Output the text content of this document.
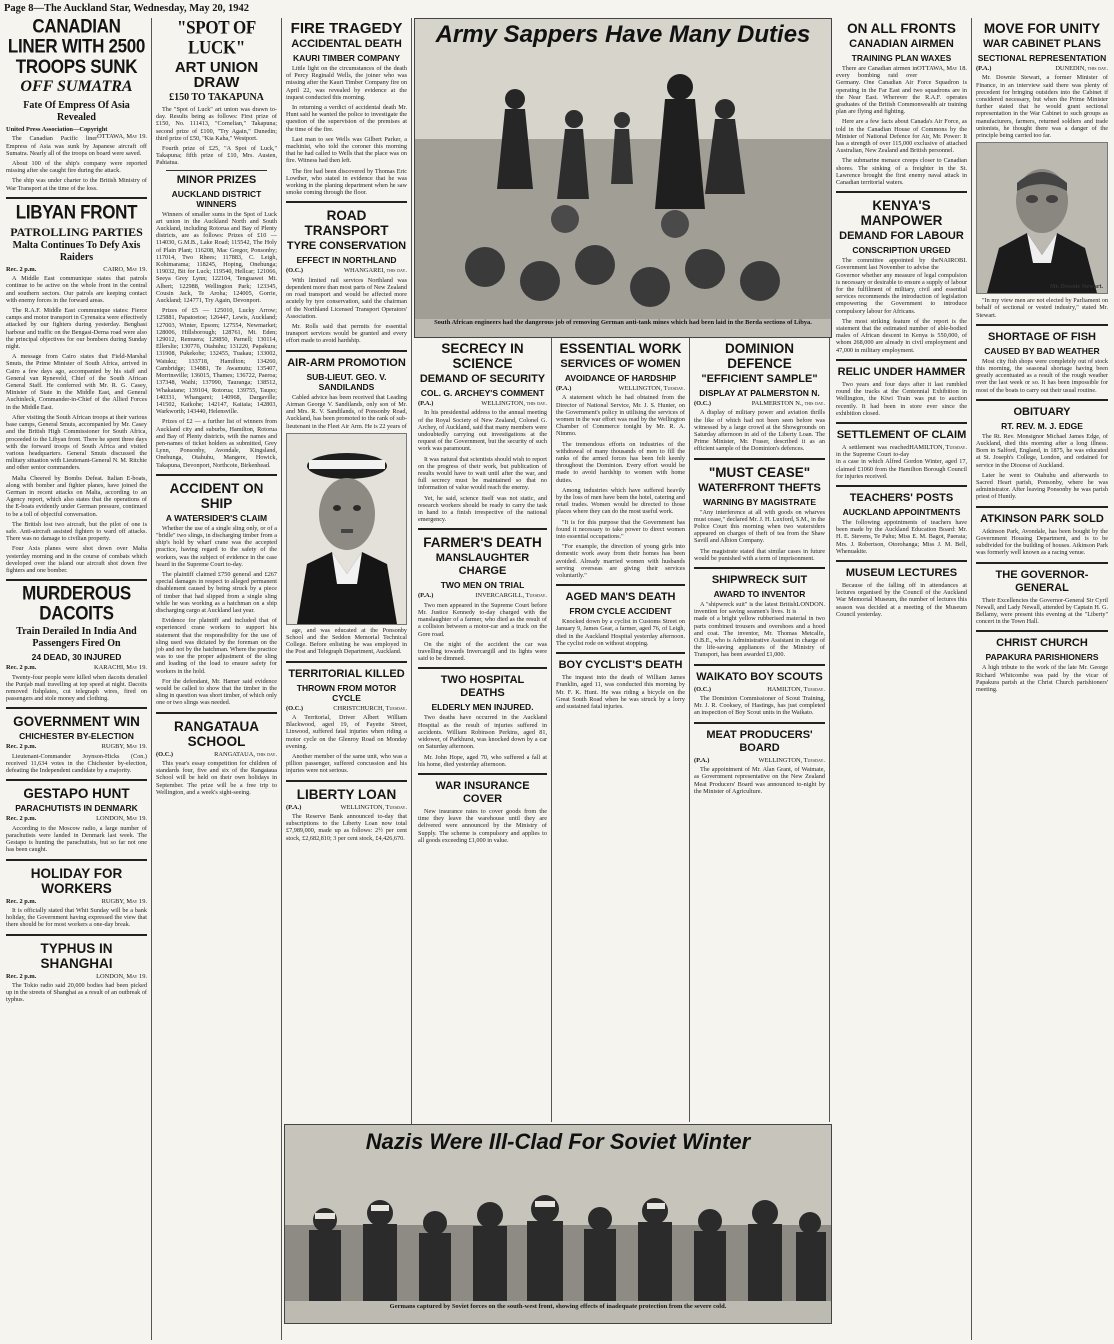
Page 8—The Auckland Star, Wednesday, May 20, 1942
CANADIAN LINER WITH 2500 TROOPS SUNK
OFF SUMATRA
Fate Of Empress Of Asia Revealed
United Press Association—Copyright
OTTAWA, May 19.
The Canadian Pacific liner Empress of Asia was sunk by Japanese aircraft off Sumatra. Nearly all of the troops on board were saved.
About 100 of the ship's company were reported missing after she caught fire during the attack.
The ship was under charter to the British Ministry of War Transport at the time of the loss.
LIBYAN FRONT
PATROLLING PARTIES
Malta Continues To Defy Axis Raiders
Rec. 2 p.m.	CAIRO, May 19.
A Middle East communique states that patrols continue to be active on the whole front in the central and southern sectors. Our patrols are keeping contact with enemy forces in the forward areas.
The R.A.F. Middle East communique states: Fierce camps and motor transport in Cyrenaica were effectively attacked by our fighters during yesterday. Benghasi harbour and traffic on the Bengasi-Derna road were also the principal objectives for our bombers during Sunday night.
A message from Cairo states that Field-Marshal Smuts, the Prime Minister of South Africa, arrived in Cairo a few days ago, accompanied by his staff and General van Ryneveld, Chief of the South African General Staff. He conferred with Mr. R. G. Casey, Minister of State in the Middle East, and General Auchinleck, Commander-in-Chief of the Allied Forces in the Middle East.
After visiting the South African troops at their various base camps, General Smuts, accompanied by Mr. Casey and the British High Commissioner for South Africa, proceeded to the Libyan front. There he spent three days with the forward troops of South Africa and visited various headquarters. General Smuts discussed the military situation with Lieutenant-General N. M. Ritchie and other senior commanders.
Malta Cheered by Bombs Defeat. Italian E-boats, along with bomber and fighter planes, have joined the German in recent attacks on Malta, according to an Agency report, which also states that the operations of the E-boats evidently under German pressure, continued to be a toll of objectful conversation.
The British lost two aircraft, but the pilot of one is safe. Anti-aircraft assisted fighters to ward off attacks. There was no damage to civilian property.
Four Axis planes were shot down over Malta yesterday morning and in the course of combats which developed over the island our aircraft shot down five fighters and one bomber.
MURDEROUS DACOITS
Train Derailed In India And Passengers Fired On
24 DEAD, 30 INJURED
Rec. 2 p.m.	KARACHI, May 19.
Twenty-four people were killed when dacoits derailed the Punjab mail travelling at top speed at night. Dacoits removed fishplates, cut telegraph wires, fired on passengers and stole money and clothing.
GOVERNMENT WIN
CHICHESTER BY-ELECTION
Rec. 2 p.m.	RUGBY, May 19.
Lieutenant-Commander Joynson-Hicks (Con.) received 11,634 votes in the Chichester by-election, defeating the Independent candidate by a majority.
GESTAPO HUNT
PARACHUTISTS IN DENMARK
Rec. 2 p.m.	LONDON, May 19.
According to the Moscow radio, a large number of parachutists were landed in Denmark last week. The Gestapo is hunting the parachutists, but so far not one has been caught.
HOLIDAY FOR WORKERS
Rec. 2 p.m.	RUGBY, May 19.
It is officially stated that Whit Sunday will be a bank holiday, the Government having expressed the view that there should be for most workers a one-day break.
TYPHUS IN SHANGHAI
Rec. 2 p.m.	LONDON, May 19.
The Tokio radio said 20,000 bodies had been picked up in the streets of Shanghai as a result of an outbreak of typhus.
"SPOT OF LUCK"
ART UNION DRAW
£150 TO TAKAPUNA
The "Spot of Luck" art union was drawn to-day. Results being as follows: First prize of £150, No. 111413, "Cornelian," Takapuna; second prize of £100, "Try Again," Dunedin; third prize of £50, "Kia Kaha," Westport.
Fourth prize of £25, "A Spot of Luck," Takapuna; fifth prize of £10, Mrs. Austen, Pahiatua.
MINOR PRIZES
AUCKLAND DISTRICT WINNERS
Winners of smaller sums in the Spot of Luck art union in the Auckland North and South Auckland, including Rotorua and Bay of Plenty districts, are as follows: Prizes of £10 — 114030, G.M.B., Lake Road; 115542, The Holy of Plain Plant; 116208, Mac Gregor, Ponsonby; 117014, Two Rhees; 117883, C. Leigh, Kohimarama; 118245, Hoping, Onehunga; 119032, Bit for Luck; 119540, Hellcar; 121066, Seeya Grey Lynn; 122104, Tenguawei Mt. Albert; 122988, Wellington Park; 123345, Cousin Jack, Te Aroha; 124005, Gorrie, Auckland; 124771, Try Again, Devonport.
Prizes of £5 — 125010, Lucky Arrow; 125881, Papatoetoe; 126447, Lewis, Auckland; 127003, Winter, Epsom; 127554, Newmarket; 128006, Hillsborough; 128761, Mt. Eden; 129012, Remuera; 129850, Parnell; 130114, Ellerslie; 130776, Otahuhu; 131220, Papakura; 131908, Pukekohe; 132455, Tuakau; 133002, Waiuku; 133718, Hamilton; 134260, Cambridge; 134881, Te Awamutu; 135407, Morrinsville; 136015, Thames; 136722, Paeroa; 137348, Waihi; 137990, Tauranga; 138512, Whakatane; 139104, Rotorua; 139755, Taupo; 140331, Whangarei; 140968, Dargaville; 141502, Kaikohe; 142147, Kaitaia; 142803, Warkworth; 143440, Helensville.
Prizes of £2 — a further list of winners from Auckland city and suburbs, Hamilton, Rotorua and Bay of Plenty districts, with the names and pen-names of ticket holders as submitted, Grey Lynn, Ponsonby, Avondale, Kingsland, Onehunga, Otahuhu, Mangere, Howick, Takapuna, Devonport, Northcote, Birkenhead.
ACCIDENT ON SHIP
A WATERSIDER'S CLAIM
Whether the use of a single sling only, or of a "bridle" two slings, in discharging timber from a ship's hold by wharf crane was the accepted practice, having regard to the safety of the workers, was the subject of evidence in the case heard in the Supreme Court to-day.
The plaintiff claimed £750 general and £267 special damages in respect to alleged permanent disablement caused by being struck by a piece of timber that had slipped from a single sling while he was working as a hatchman on a ship discharging cargo at Auckland last year.
Evidence for plaintiff and included that of experienced crane workers to support his statement that the responsibility for the use of sling used was dictated by the foreman on the job and not by the hatchman. Where the practice was to use the proper adjustment of the sling and loading of the load to ensure safety for workers in the hold.
For the defendant, Mr. Hamer said evidence would be called to show that the timber in the sling in question was short timber, of which only one or two slings was needed.
RANGATAUA SCHOOL
(O.C.)	RANGATAUA, this day.
This year's essay competition for children of standards four, five and six of the Rangataua School will be held on their own holidays in September. The prize will be a free trip to Wellington, and a week's sight-seeing.
FIRE TRAGEDY
ACCIDENTAL DEATH
KAURI TIMBER COMPANY
Little light on the circumstances of the death of Percy Reginald Wells, the joiner who was missing after the Kauri Timber Company fire on April 22, was revealed by evidence at the inquest conducted this morning.
In returning a verdict of accidental death Mr. Hunt said he wanted the police to investigate the question of the supervision of the premises at the time of the fire.
Last man to see Wells was Gilbert Parker, a machinist, who told the coroner this morning that he had called to Wells that the place was on fire. Witness had then left.
The fire had been discovered by Thomas Eric Lowther, who stated in evidence that he was working in the planing department when he saw smoke coming through the floor.
ROAD TRANSPORT
TYRE CONSERVATION
EFFECT IN NORTHLAND
(O.C.)	WHANGAREI, this day.
With limited rail services Northland was dependent more than most parts of New Zealand on road transport and would be affected more acutely by tyre conservation, said the chairman of the Northland Licensed Transport Operators' Association.
Mr. Rolls said that permits for essential transport services would be granted and every effort made to avoid hardship.
AIR-ARM PROMOTION
SUB-LIEUT. GEO. V. SANDILANDS
Cabled advice has been received that Leading Airman George V. Sandilands, only son of Mr. and Mrs. R. V. Sandilands, of Ponsonby Road, Auckland, has been promoted to the rank of sub-lieutenant in the Fleet Air Arm. He is 22 years of
age, and was educated at the Ponsonby School and the Seddon Memorial Technical College. Before enlisting he was employed in the Post and Telegraph Department, Auckland.
TERRITORIAL KILLED
THROWN FROM MOTOR CYCLE
(O.C.)	CHRISTCHURCH, Tuesday.
A Territorial, Driver Albert William Blackwood, aged 19, of Fayette Street, Linwood, suffered fatal injuries when riding a motor cycle on the Glenroy Road on Monday evening.
Another member of the same unit, who was a pillion passenger, suffered concussion and his injuries were not serious.
LIBERTY LOAN
(P.A.)	WELLINGTON, Tuesday.
The Reserve Bank announced to-day that subscriptions to the Liberty Loan now total £7,989,000, made up as follows: 2½ per cent stock, £2,682,810; 3 per cent stock, £4,426,670.
Army Sappers Have Many Duties
South African engineers had the dangerous job of removing German anti-tank mines which had been laid in the Berda sections of Libya.
SECRECY IN SCIENCE
DEMAND OF SECURITY
COL. G. ARCHEY'S COMMENT
(P.A.)	WELLINGTON, this day.
In his presidential address to the annual meeting of the Royal Society of New Zealand, Colonel G. Archey, of Auckland, said that many members were undoubtedly carrying out investigations at the request of the Government, but the security of such work was paramount.
It was natural that scientists should wish to report on the progress of their work, but publication of results would have to wait until after the war, and full secrecy must be maintained so that no information of value would reach the enemy.
Yet, he said, science itself was not static, and research workers should be ready to carry the task in hand to a finish irrespective of the national emergency.
FARMER'S DEATH
MANSLAUGHTER CHARGE
TWO MEN ON TRIAL
(P.A.)	INVERCARGILL, Tuesday.
Two men appeared in the Supreme Court before Mr. Justice Kennedy to-day charged with the manslaughter of a farmer, who died as the result of a collision between a motor-car and a truck on the Gore road.
On the night of the accident the car was travelling towards Invercargill and its lights were said to be dimmed.
TWO HOSPITAL DEATHS
ELDERLY MEN INJURED.
Two deaths have occurred in the Auckland Hospital as the result of injuries suffered in accidents. William Robinson Perkins, aged 81, widower, of Parkhurst, was knocked down by a car on Saturday afternoon.
Mr. John Hope, aged 70, who suffered a fall at his home, died yesterday afternoon.
WAR INSURANCE COVER
New insurance rates to cover goods from the time they leave the warehouse until they are delivered were announced by the Ministry of Supply. The scheme is compulsory and applies to all goods exceeding £1,000 in value.
ESSENTIAL WORK
SERVICES OF WOMEN
AVOIDANCE OF HARDSHIP
(P.A.)	WELLINGTON, Tuesday.
A statement which he had obtained from the Director of National Service, Mr. J. S. Hunter, on the Government's policy in utilising the services of women in the war effort was read by the Wellington Chamber of Commerce tonight by Mr. R. A. Nimmo.
The tremendous efforts on industries of the withdrawal of many thousands of men to fill the ranks of the armed forces has been felt keenly throughout the Dominion. Every effort would be made to avoid hardship to women with home duties.
Among industries which have suffered heavily by the loss of men have been the hotel, catering and retail trades. Women would be directed to those places where they can do the most useful work.
"It is for this purpose that the Government has found it necessary to take power to direct women into essential occupations."
"For example, the direction of young girls into domestic work away from their homes has been avoided. Already married women with husbands serving overseas are giving their services voluntarily."
AGED MAN'S DEATH
FROM CYCLE ACCIDENT
Knocked down by a cyclist in Customs Street on January 9, James Gear, a farmer, aged 76, of Leigh, died in the Auckland Hospital yesterday afternoon. The cyclist rode on without stopping.
BOY CYCLIST'S DEATH
The inquest into the death of William James Franklin, aged 11, was conducted this morning by Mr. F. K. Hunt. He was riding a bicycle on the Great South Road when he was struck by a lorry and sustained fatal injuries.
DOMINION DEFENCE
"EFFICIENT SAMPLE"
DISPLAY AT PALMERSTON N.
(O.C.)	PALMERSTON N., this day.
A display of military power and aviation thrills the like of which had not been seen before was witnessed by a large crowd at the Showgrounds on Saturday afternoon in aid of the Liberty Loan. The Prime Minister, Mr. Fraser, described it as an efficient sample of the Dominion's defences.
"MUST CEASE"
WATERFRONT THEFTS
WARNING BY MAGISTRATE
"Any interference at all with goods on wharves must cease," declared Mr. J. H. Luxford, S.M., in the Police Court this morning when two watersiders appeared on charges of theft of tea from the Shaw Savill and Albion Company.
The magistrate stated that similar cases in future would be punished with a term of imprisonment.
SHIPWRECK SUIT
AWARD TO INVENTOR
LONDON.
A "shipwreck suit" is the latest British invention for saving seamen's lives. It is made of a bright yellow rubberised material in two parts combined trousers and overshoes and a hood and coat. The inventor, Mr. Thomas Metcalfe, O.B.E., who is Administrative Assistant in charge of the life-saving appliances of the Ministry of Transport, has been awarded £1,000.
WAIKATO BOY SCOUTS
(O.C.)	HAMILTON, Tuesday.
The Dominion Commissioner of Scout Training, Mr. J. R. Cooksey, of Hastings, has just completed an inspection of Boy Scout units in the Waikato.
MEAT PRODUCERS' BOARD
(P.A.)	WELLINGTON, Tuesday.
The appointment of Mr. Alan Grant, of Waimate, as Government representative on the New Zealand Meat Producers' Board was announced to-night by the Minister of Agriculture.
Nazis Were Ill-Clad For Soviet Winter
Germans captured by Soviet forces on the south-west front, showing effects of inadequate protection from the severe cold.
ON ALL FRONTS
CANADIAN AIRMEN
TRAINING PLAN WAXES
OTTAWA, May 18.
There are Canadian airmen in every bombing raid over Germany. One Canadian Air Force Squadron is operating in the Far East and two squadrons are in the Near East. Wherever the R.A.F. operates graduates of the British Commonwealth air training plan are flying and fighting.
Here are a few facts about Canada's Air Force, as told in the Canadian House of Commons by the Minister of National Defence for Air, Mr. Power: It has a strength of over 115,000 exclusive of attached Australian, New Zealand and British personnel.
The submarine menace creeps closer to Canadian shores. The sinking of a freighter in the St. Lawrence brought the first enemy naval attack in Canadian territorial waters.
KENYA'S MANPOWER
DEMAND FOR LABOUR
CONSCRIPTION URGED
NAIROBI.
The committee appointed by the Government last November to advise the Governor whether any measure of legal compulsion is necessary or desirable to ensure a supply of labour for the fulfilment of military, civil and essential services recommends the introduction of legislation empowering the Government to introduce compulsory labour for Africans.
The most striking feature of the report is the statement that the estimated number of able-bodied males of African descent in Kenya is 550,000, of whom 268,000 are already in civil employment and 47,000 in military employment.
RELIC UNDER HAMMER
Two years and four days after it last rumbled round the tracks at the Centennial Exhibition in Wellington, the Kiwi Train was put to auction recently. It had been in store ever since the exhibition closed.
SETTLEMENT OF CLAIM
HAMILTON, Tuesday.
A settlement was reached in the Supreme Court to-day in a case in which Alfred Gordon Winter, aged 17, claimed £1060 from the Hamilton Borough Council for injuries received.
TEACHERS' POSTS
AUCKLAND APPOINTMENTS
The following appointments of teachers have been made by the Auckland Education Board: Mr. H. E. Stevens, Te Pahu; Miss E. M. Bagot, Paerata; Mrs. J. Robertson, Otorohanga; Miss J. M. Bell, Whenuakite.
MUSEUM LECTURES
Because of the falling off in attendances at lectures organised by the Council of the Auckland War Memorial Museum, the number of lectures this season was decided at a meeting of the Museum Council yesterday.
MOVE FOR UNITY
WAR CABINET PLANS
SECTIONAL REPRESENTATION
(P.A.)	DUNEDIN, this day.
Mr. Downie Stewart, a former Minister of Finance, in an interview said there was plenty of precedent for bringing outsiders into the Cabinet if considered necessary, but when the Prime Minister further stated that he would grant sectional representation in the War Cabinet to such groups as manufacturers, farmers, returned soldiers and trade unionists, he thought there was a danger of the principle being carried too far.
Mr. Downie Stewart.
"In my view men are not elected by Parliament on behalf of sectional or vested industry," stated Mr. Stewart.
SHORTAGE OF FISH
CAUSED BY BAD WEATHER
Most city fish shops were completely out of stock this morning, the seasonal shortage having been greatly accentuated as a result of the rough weather over the last week or so. It has been impossible for most of the boats to carry out their usual routine.
OBITUARY
RT. REV. M. J. EDGE
The Rt. Rev. Monsignor Michael James Edge, of Auckland, died this morning after a long illness. Born in Salford, England, in 1875, he was educated at St. Joseph's College, London, and ordained for service in the Diocese of Auckland.
Later he went to Otahuhu and afterwards to Sacred Heart parish, Ponsonby, where he was administrator. After leaving Ponsonby he was parish priest of Huntly.
ATKINSON PARK SOLD
Atkinson Park, Avondale, has been bought by the Government Housing Department, and is to be subdivided for the building of houses. Atkinson Park was formerly well known as a racing venue.
THE GOVERNOR-GENERAL
Their Excellencies the Governor-General Sir Cyril Newall, and Lady Newall, attended by Captain H. G. Bellamy, were present this evening at the "Liberty" concert in the Town Hall.
CHRIST CHURCH
PAPAKURA PARISHIONERS
A high tribute to the work of the late Mr. George Richard Whitcombe was paid by the vicar of Papakura parish at the Christ Church parishioners' meeting.
